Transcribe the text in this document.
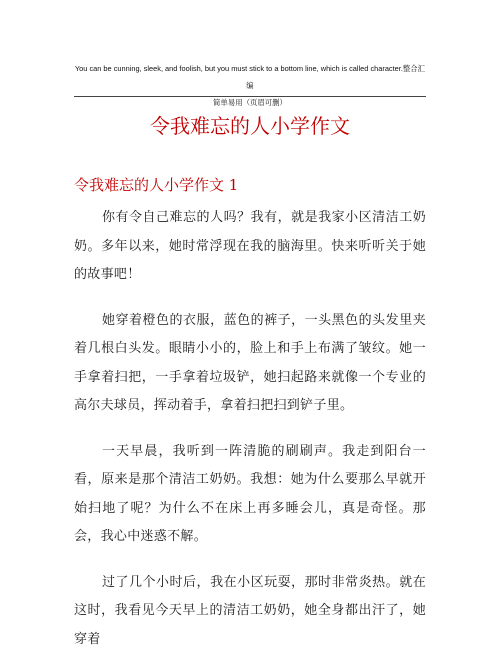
You can be cunning, sleek, and foolish, but you must stick to a bottom line, which is called character.整合汇编
简单易用（页眉可删）
令我难忘的人小学作文
令我难忘的人小学作文 1

你有令自己难忘的人吗？我有，就是我家小区清洁工奶奶。多年以来，她时常浮现在我的脑海里。快来听听关于她的故事吧！

她穿着橙色的衣服，蓝色的裤子，一头黑色的头发里夹着几根白头发。眼睛小小的，脸上和手上布满了皱纹。她一手拿着扫把，一手拿着垃圾铲，她扫起路来就像一个专业的高尔夫球员，挥动着手，拿着扫把扫到铲子里。

一天早晨，我听到一阵清脆的刷刷声。我走到阳台一看，原来是那个清洁工奶奶。我想：她为什么要那么早就开始扫地了呢？为什么不在床上再多睡会儿，真是奇怪。那会，我心中迷惑不解。

过了几个小时后，我在小区玩耍，那时非常炎热。就在这时，我看见今天早上的清洁工奶奶，她全身都出汗了，她穿着
